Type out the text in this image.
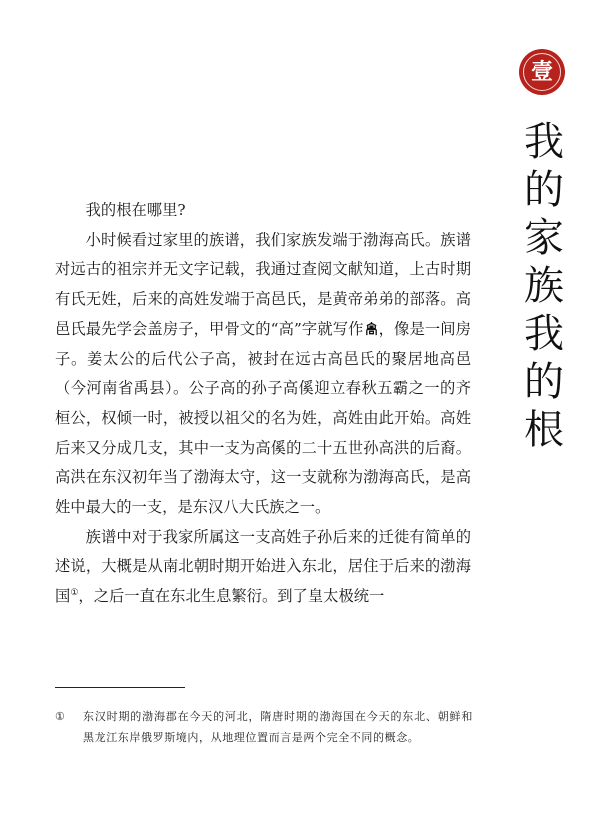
壹
我
的
家
族
我
的
根

我的根在哪里?

小时候看过家里的族谱，我们家族发端于渤海高氏。族谱对远古的祖宗并无文字记载，我通过查阅文献知道，上古时期有氏无姓，后来的高姓发端于高邑氏，是黄帝弟弟的部落。高邑氏最先学会盖房子，甲骨文的“高”字就写作 ，像是一间房子。姜太公的后代公子高，被封在远古高邑氏的聚居地高邑（今河南省禹县）。公子高的孙子高傒迎立春秋五霸之一的齐桓公，权倾一时，被授以祖父的名为姓，高姓由此开始。高姓后来又分成几支，其中一支为高傒的二十五世孙高洪的后裔。高洪在东汉初年当了渤海太守，这一支就称为渤海高氏，是高姓中最大的一支，是东汉八大氏族之一。

族谱中对于我家所属这一支高姓子孙后来的迁徙有简单的述说，大概是从南北朝时期开始进入东北，居住于后来的渤海国①，之后一直在东北生息繁衍。到了皇太极统一

①	东汉时期的渤海郡在今天的河北，隋唐时期的渤海国在今天的东北、朝鲜和黑龙江东岸俄罗斯境内，从地理位置而言是两个完全不同的概念。
